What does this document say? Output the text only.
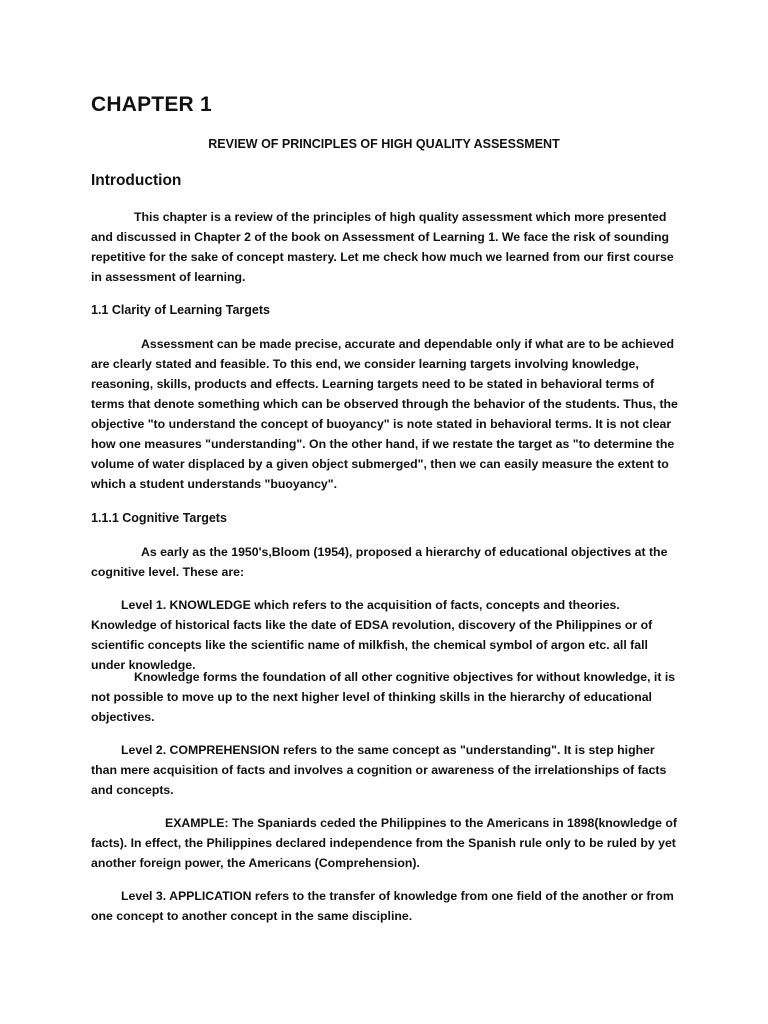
CHAPTER 1

REVIEW OF PRINCIPLES OF HIGH QUALITY ASSESSMENT

Introduction

This chapter is a review of the principles of high quality assessment which more presented and discussed in Chapter 2 of the book on Assessment of Learning 1. We face the risk of sounding repetitive for the sake of concept mastery. Let me check how much we learned from our first course in assessment of learning.

1.1 Clarity of Learning Targets

Assessment can be made precise, accurate and dependable only if what are to be achieved are clearly stated and feasible. To this end, we consider learning targets involving knowledge, reasoning, skills, products and effects. Learning targets need to be stated in behavioral terms of terms that denote something which can be observed through the behavior of the students. Thus, the objective "to understand the concept of buoyancy" is note stated in behavioral terms. It is not clear how one measures "understanding". On the other hand, if we restate the target as "to determine the volume of water displaced by a given object submerged", then we can easily measure the extent to which a student understands "buoyancy".

1.1.1 Cognitive Targets

As early as the 1950's,Bloom (1954), proposed a hierarchy of educational objectives at the cognitive level. These are:

Level 1. KNOWLEDGE which refers to the acquisition of facts, concepts and theories. Knowledge of historical facts like the date of EDSA revolution, discovery of the Philippines or of scientific concepts like the scientific name of milkfish, the chemical symbol of argon etc. all fall under knowledge.

Knowledge forms the foundation of all other cognitive objectives for without knowledge, it is not possible to move up to the next higher level of thinking skills in the hierarchy of educational objectives.

Level 2. COMPREHENSION refers to the same concept as "understanding". It is step higher than mere acquisition of facts and involves a cognition or awareness of the irrelationships of facts and concepts.

EXAMPLE: The Spaniards ceded the Philippines to the Americans in 1898(knowledge of facts). In effect, the Philippines declared independence from the Spanish rule only to be ruled by yet another foreign power, the Americans (Comprehension).

Level 3. APPLICATION refers to the transfer of knowledge from one field of the another or from one concept to another concept in the same discipline.
